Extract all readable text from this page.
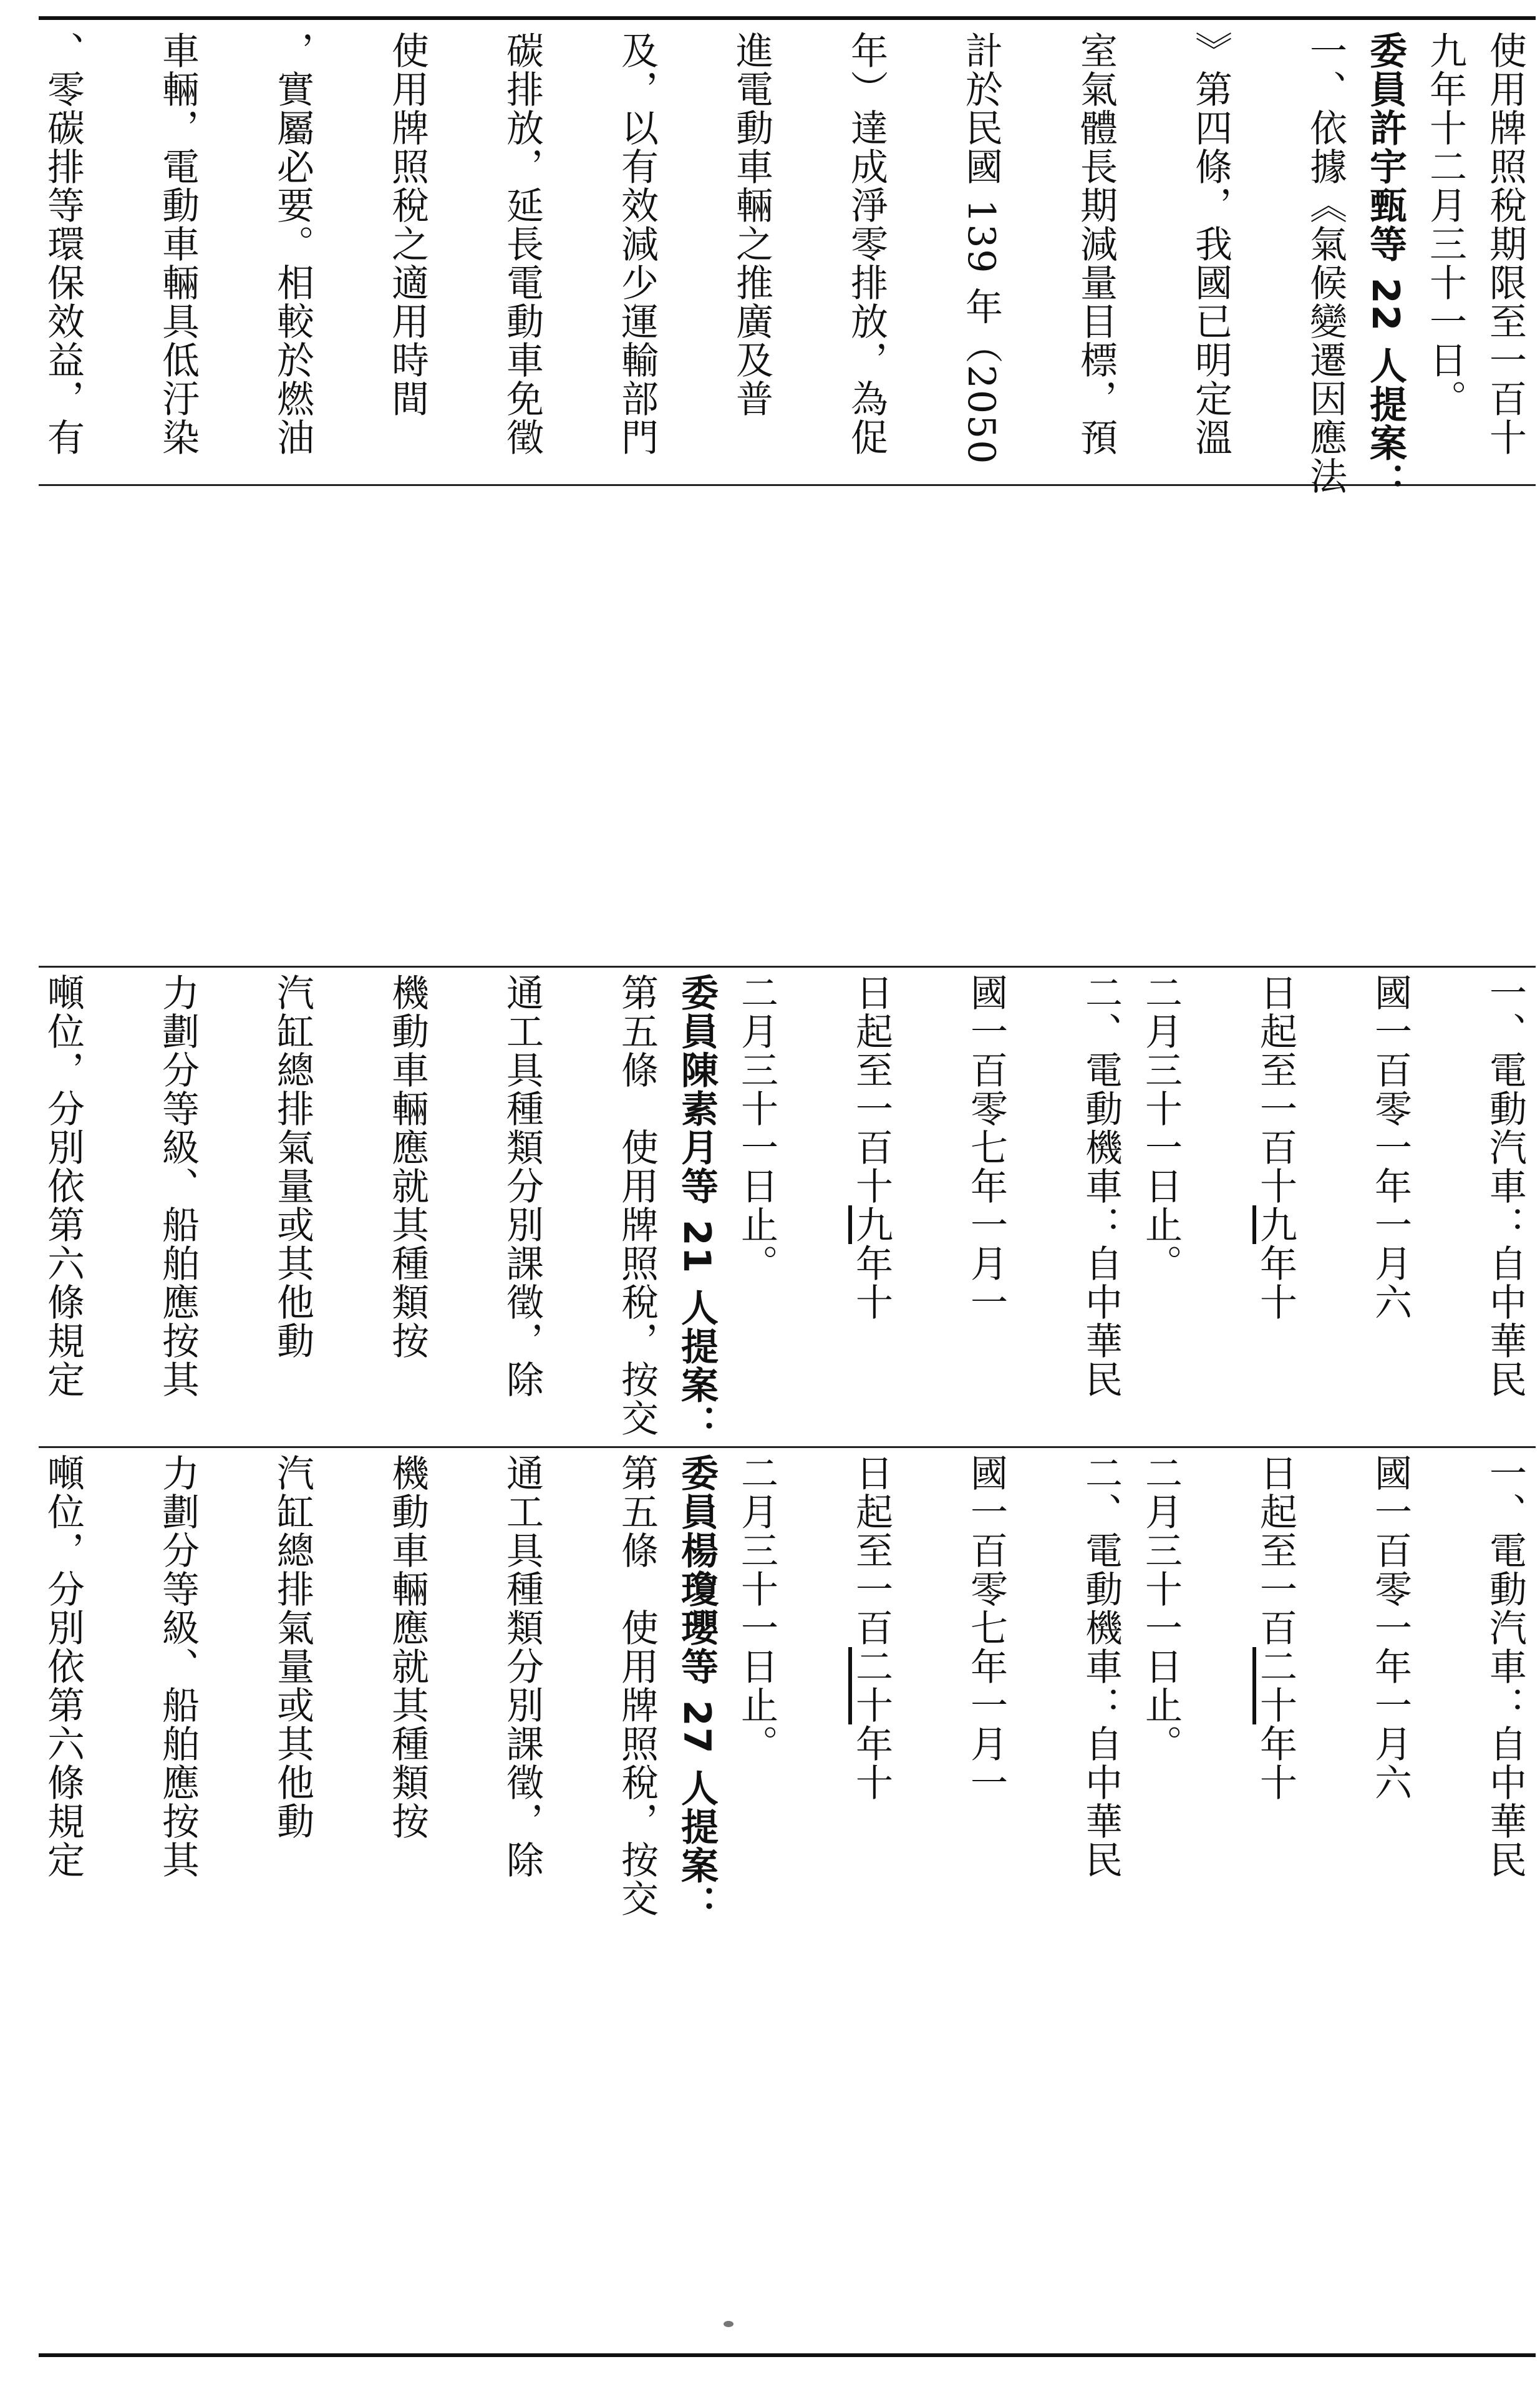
使用牌照稅期限至一百十
九年十二月三十一日。
委員許宇甄等 22 人提案：
一、依據《氣候變遷因應法
》第四條，我國已明定溫
室氣體長期減量目標，預
計於民國 139 年（2050
年）達成淨零排放，為促
進電動車輛之推廣及普
及，以有效減少運輸部門
碳排放，延長電動車免徵
使用牌照稅之適用時間
，實屬必要。相較於燃油
車輛，電動車輛具低汙染
、零碳排等環保效益，有
一、電動汽車：自中華民
國一百零一年一月六
日起至一百十九年十
二月三十一日止。
二、電動機車：自中華民
國一百零七年一月一
日起至一百十九年十
二月三十一日止。
委員陳素月等 21 人提案：
第五條　使用牌照稅，按交
通工具種類分別課徵，除
機動車輛應就其種類按
汽缸總排氣量或其他動
力劃分等級、船舶應按其
噸位，分別依第六條規定
一、電動汽車：自中華民
國一百零一年一月六
日起至一百二十年十
二月三十一日止。
二、電動機車：自中華民
國一百零七年一月一
日起至一百二十年十
二月三十一日止。
委員楊瓊瓔等 27 人提案：
第五條　使用牌照稅，按交
通工具種類分別課徵，除
機動車輛應就其種類按
汽缸總排氣量或其他動
力劃分等級、船舶應按其
噸位，分別依第六條規定
